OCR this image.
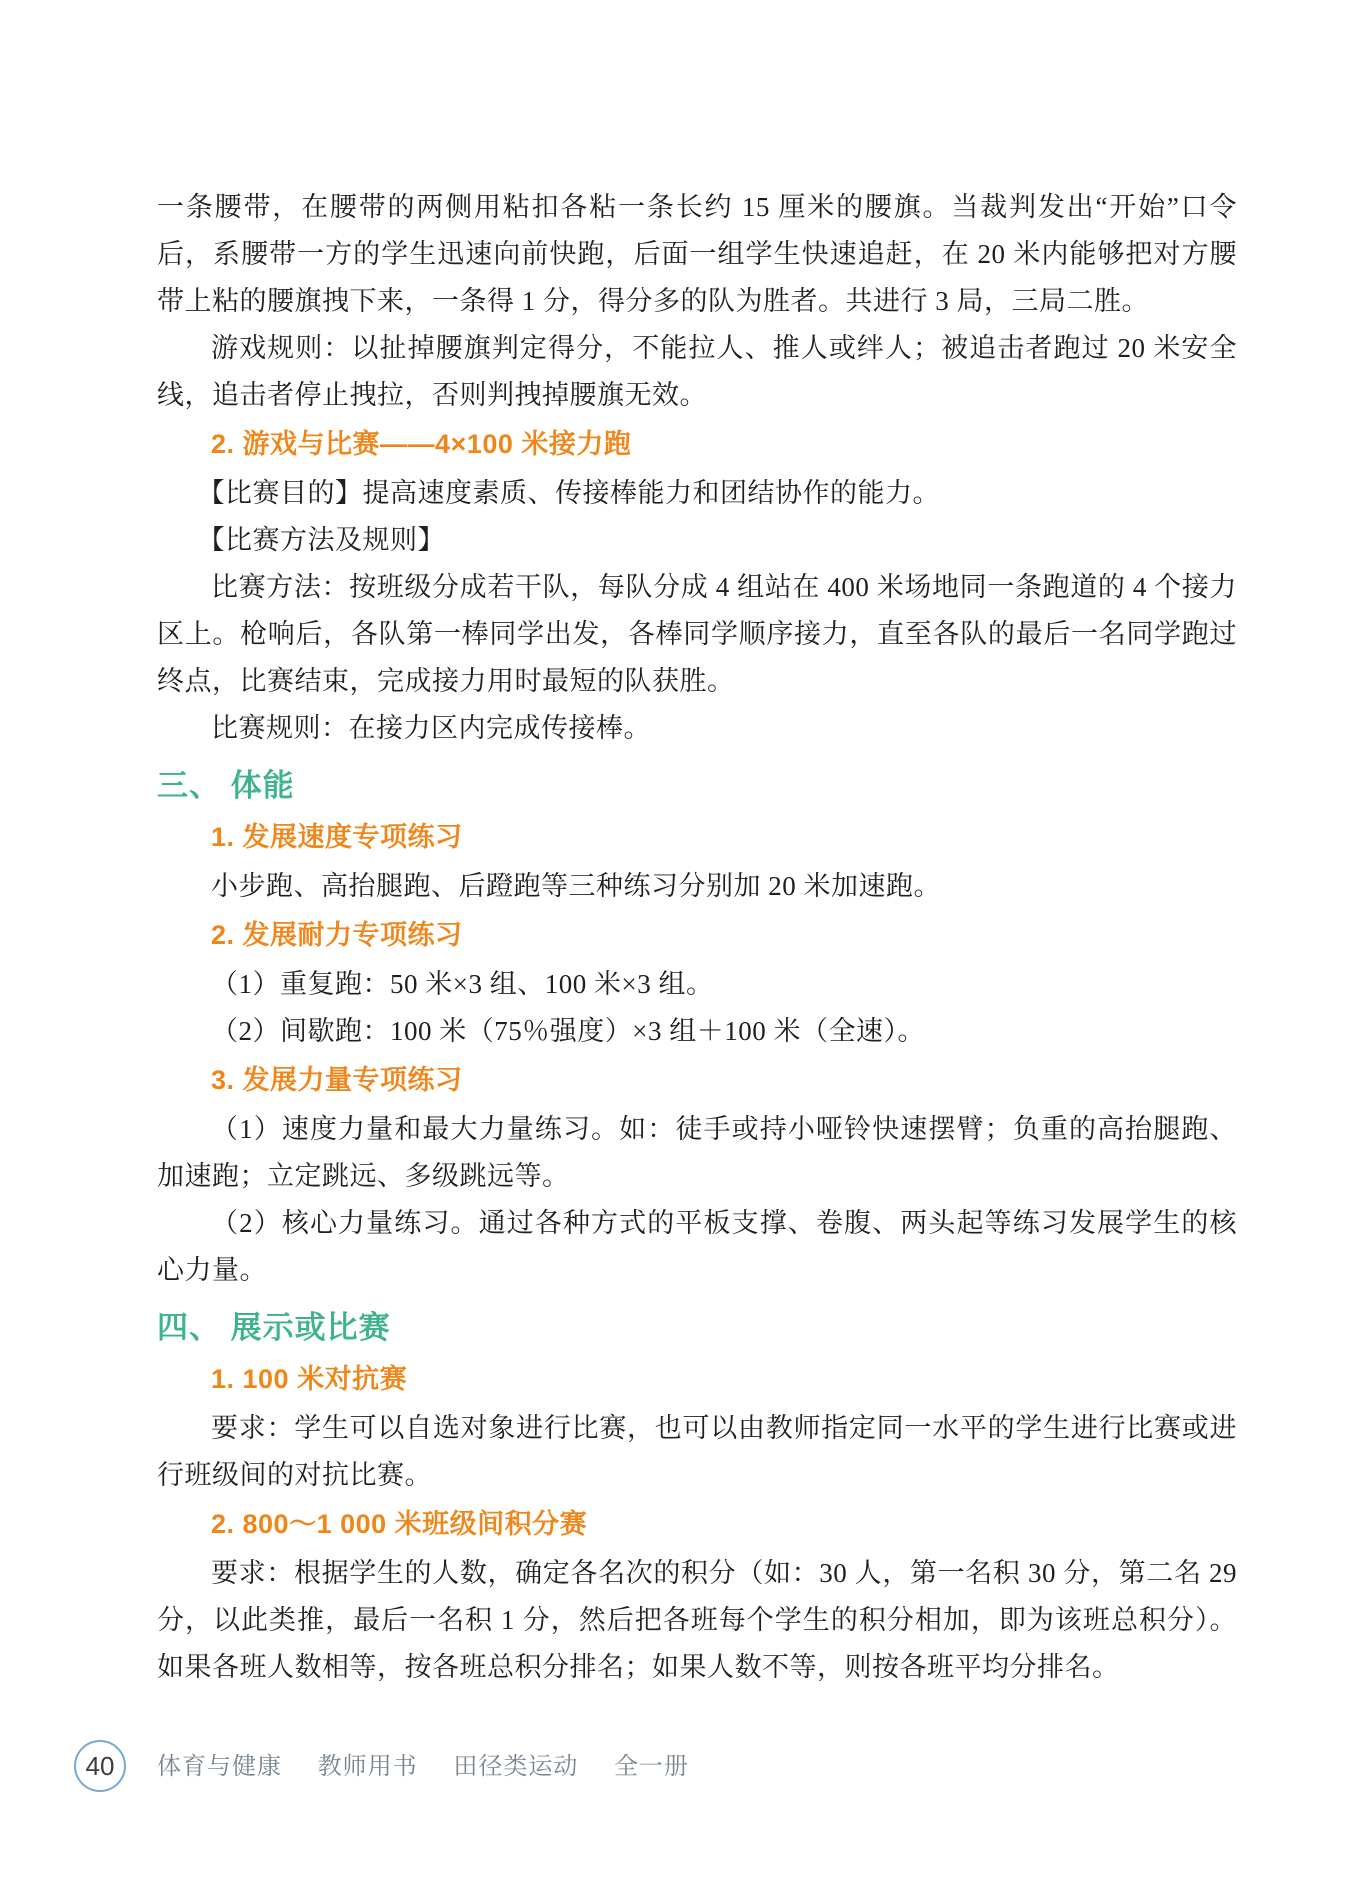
一条腰带，在腰带的两侧用粘扣各粘一条长约 15 厘米的腰旗。当裁判发出“开始”口令后，系腰带一方的学生迅速向前快跑，后面一组学生快速追赶，在 20 米内能够把对方腰带上粘的腰旗拽下来，一条得 1 分，得分多的队为胜者。共进行 3 局，三局二胜。

游戏规则：以扯掉腰旗判定得分，不能拉人、推人或绊人；被追击者跑过 20 米安全线，追击者停止拽拉，否则判拽掉腰旗无效。

2. 游戏与比赛——4×100 米接力跑

【比赛目的】提高速度素质、传接棒能力和团结协作的能力。

【比赛方法及规则】

比赛方法：按班级分成若干队，每队分成 4 组站在 400 米场地同一条跑道的 4 个接力区上。枪响后，各队第一棒同学出发，各棒同学顺序接力，直至各队的最后一名同学跑过终点，比赛结束，完成接力用时最短的队获胜。

比赛规则：在接力区内完成传接棒。

三、 体能

1. 发展速度专项练习

小步跑、高抬腿跑、后蹬跑等三种练习分别加 20 米加速跑。

2. 发展耐力专项练习

（1）重复跑：50 米×3 组、100 米×3 组。

（2）间歇跑：100 米（75％强度）×3 组＋100 米（全速）。

3. 发展力量专项练习

（1）速度力量和最大力量练习。如：徒手或持小哑铃快速摆臂；负重的高抬腿跑、加速跑；立定跳远、多级跳远等。

（2）核心力量练习。通过各种方式的平板支撑、卷腹、两头起等练习发展学生的核心力量。

四、 展示或比赛

1. 100 米对抗赛

要求：学生可以自选对象进行比赛，也可以由教师指定同一水平的学生进行比赛或进行班级间的对抗比赛。

2. 800～1 000 米班级间积分赛

要求：根据学生的人数，确定各名次的积分（如：30 人，第一名积 30 分，第二名 29 分，以此类推，最后一名积 1 分，然后把各班每个学生的积分相加，即为该班总积分）。如果各班人数相等，按各班总积分排名；如果人数不等，则按各班平均分排名。

40 体育与健康 教师用书 田径类运动 全一册
